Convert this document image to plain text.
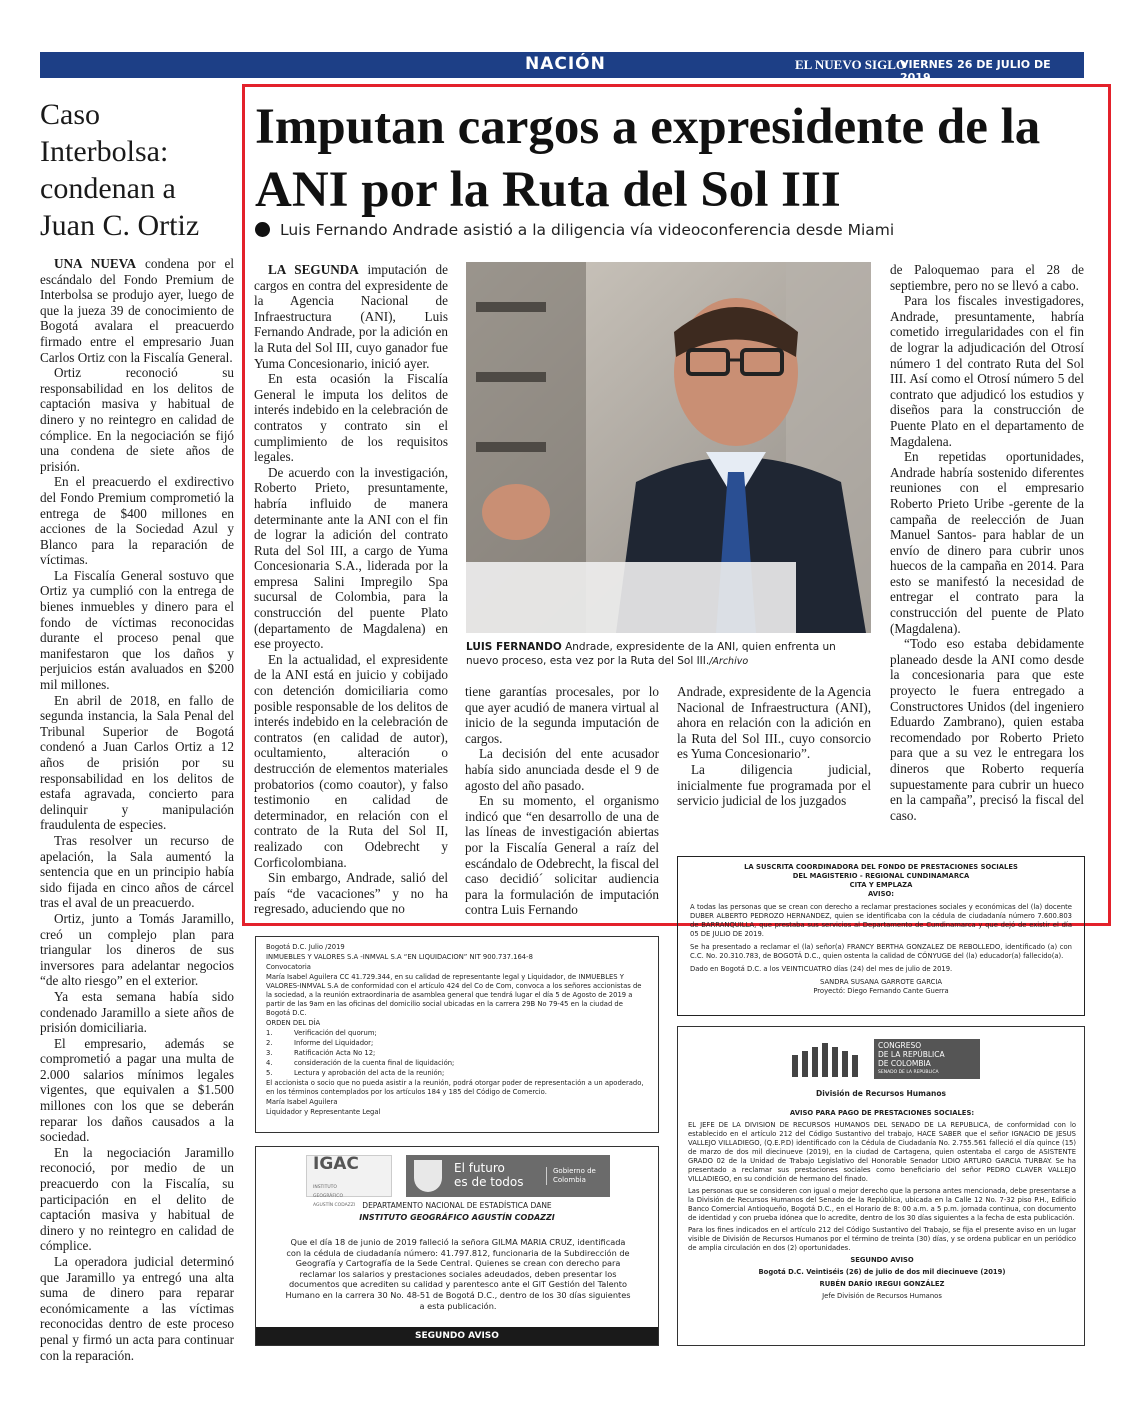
NACIÓN	EL NUEVO SIGLO
VIERNES 26 DE JULIO DE 2019
9B
Caso Interbolsa: condenan a Juan C. Ortiz

UNA NUEVA condena por el escándalo del Fondo Premium de Interbolsa se produjo ayer, luego de que la jueza 39 de conocimiento de Bogotá avalara el preacuerdo firmado entre el empresario Juan Carlos Ortiz con la Fiscalía General.

Ortiz reconoció su responsabilidad en los delitos de captación masiva y habitual de dinero y no reintegro en calidad de cómplice. En la negociación se fijó una condena de siete años de prisión.

En el preacuerdo el exdirectivo del Fondo Premium comprometió la entrega de $400 millones en acciones de la Sociedad Azul y Blanco para la reparación de víctimas.

La Fiscalía General sostuvo que Ortiz ya cumplió con la entrega de bienes inmuebles y dinero para el fondo de víctimas reconocidas durante el proceso penal que manifestaron que los daños y perjuicios están avaluados en $200 mil millones.

En abril de 2018, en fallo de segunda instancia, la Sala Penal del Tribunal Superior de Bogotá condenó a Juan Carlos Ortiz a 12 años de prisión por su responsabilidad en los delitos de estafa agravada, concierto para delinquir y manipulación fraudulenta de especies.

Tras resolver un recurso de apelación, la Sala aumentó la sentencia que en un principio había sido fijada en cinco años de cárcel tras el aval de un preacuerdo.

Ortiz, junto a Tomás Jaramillo, creó un complejo plan para triangular los dineros de sus inversores para adelantar negocios “de alto riesgo” en el exterior.

Ya esta semana había sido condenado Jaramillo a siete años de prisión domiciliaria.

El empresario, además se comprometió a pagar una multa de 2.000 salarios mínimos legales vigentes, que equivalen a $1.500 millones con los que se deberán reparar los daños causados a la sociedad.

En la negociación Jaramillo reconoció, por medio de un preacuerdo con la Fiscalía, su participación en el delito de captación masiva y habitual de dinero y no reintegro en calidad de cómplice.

La operadora judicial determinó que Jaramillo ya entregó una alta suma de dinero para reparar económicamente a las víctimas reconocidas dentro de este proceso penal y firmó un acta para continuar con la reparación.

Imputan cargos a expresidente de la ANI por la Ruta del Sol III
Luis Fernando Andrade asistió a la diligencia vía videoconferencia desde Miami

LA SEGUNDA imputación de cargos en contra del expresidente de la Agencia Nacional de Infraestructura (ANI), Luis Fernando Andrade, por la adición en la Ruta del Sol III, cuyo ganador fue Yuma Concesionario, inició ayer.

En esta ocasión la Fiscalía General le imputa los delitos de interés indebido en la celebración de contratos y contrato sin el cumplimiento de los requisitos legales.

De acuerdo con la investigación, Roberto Prieto, presuntamente, habría influido de manera determinante ante la ANI con el fin de lograr la adición del contrato Ruta del Sol III, a cargo de Yuma Concesionaria S.A., liderada por la empresa Salini Impregilo Spa sucursal de Colombia, para la construcción del puente Plato (departamento de Magdalena) en ese proyecto.

En la actualidad, el expresidente de la ANI está en juicio y cobijado con detención domiciliaria como posible responsable de los delitos de interés indebido en la celebración de contratos (en calidad de autor), ocultamiento, alteración o destrucción de elementos materiales probatorios (como coautor), y falso testimonio en calidad de determinador, en relación con el contrato de la Ruta del Sol II, realizado con Odebrecht y Corficolombiana.

Sin embargo, Andrade, salió del país “de vacaciones” y no ha regresado, aduciendo que no

LUIS FERNANDO Andrade, expresidente de la ANI, quien enfrenta un nuevo proceso, esta vez por la Ruta del Sol III./Archivo

tiene garantías procesales, por lo que ayer acudió de manera virtual al inicio de la segunda imputación de cargos.

La decisión del ente acusador había sido anunciada desde el 9 de agosto del año pasado.

En su momento, el organismo indicó que “en desarrollo de una de las líneas de investigación abiertas por la Fiscalía General a raíz del escándalo de Odebrecht, la fiscal del caso decidió´ solicitar audiencia para la formulación de imputación contra Luis Fernando

Andrade, expresidente de la Agencia Nacional de Infraestructura (ANI), ahora en relación con la adición en la Ruta del Sol III., cuyo consorcio es Yuma Concesionario”.

La diligencia judicial, inicialmente fue programada por el servicio judicial de los juzgados

de Paloquemao para el 28 de septiembre, pero no se llevó a cabo.

Para los fiscales investigadores, Andrade, presuntamente, habría cometido irregularidades con el fin de lograr la adjudicación del Otrosí número 1 del contrato Ruta del Sol III. Así como el Otrosí número 5 del contrato que adjudicó los estudios y diseños para la construcción de Puente Plato en el departamento de Magdalena.

En repetidas oportunidades, Andrade habría sostenido diferentes reuniones con el empresario Roberto Prieto Uribe -gerente de la campaña de reelección de Juan Manuel Santos- para hablar de un envío de dinero para cubrir unos huecos de la campaña en 2014. Para esto se manifestó la necesidad de entregar el contrato para la construcción del puente de Plato (Magdalena).

“Todo eso estaba debidamente planeado desde la ANI como desde la concesionaria para que este proyecto le fuera entregado a Constructores Unidos (del ingeniero Eduardo Zambrano), quien estaba recomendado por Roberto Prieto para que a su vez le entregara los dineros que Roberto requería supuestamente para cubrir un hueco en la campaña”, precisó la fiscal del caso.

LA SUSCRITA COORDINADORA DEL FONDO DE PRESTACIONES SOCIALES
DEL MAGISTERIO - REGIONAL CUNDINAMARCA
CITA Y EMPLAZA
AVISO:
A todas las personas que se crean con derecho a reclamar prestaciones sociales y económicas del (la) docente DUBER ALBERTO PEDROZO HERNANDEZ, quien se identificaba con la cédula de ciudadanía número 7.600.803 de BARRANQUILLA, que prestaba sus servicios al Departamento de Cundinamarca y que dejó de existir el día 05 DE JULIO DE 2019.
Se ha presentado a reclamar el (la) señor(a) FRANCY BERTHA GONZALEZ DE REBOLLEDO, identificado (a) con C.C. No. 20.310.783, de BOGOTÁ D.C., quien ostenta la calidad de CÓNYUGE del (la) educador(a) fallecido(a).
Dado en Bogotá D.C. a los VEINTICUATRO días (24) del mes de julio de 2019.
SANDRA SUSANA GARROTE GARCIA
Proyectó: Diego Fernando Cante Guerra
Bogotá D.C. Julio /2019
INMUEBLES Y VALORES S.A -INMVAL S.A “EN LIQUIDACION” NIT 900.737.164-8
Convocatoria
María Isabel Aguilera CC 41.729.344, en su calidad de representante legal y Liquidador, de INMUEBLES Y VALORES-INMVAL S.A de conformidad con el artículo 424 del Co de Com, convoca a los señores accionistas de la sociedad, a la reunión extraordinaria de asamblea general que tendrá lugar el día 5 de Agosto de 2019 a partir de las 9am en las oficinas del domicilio social ubicadas en la carrera 29B No 79-45 en la ciudad de Bogotá D.C.
ORDEN DEL DÍA
1.	Verificación del quorum;
2.	Informe del Liquidador;
3.	Ratificación Acta No 12;
4.	consideración de la cuenta final de liquidación;
5.	Lectura y aprobación del acta de la reunión;
El accionista o socio que no pueda asistir a la reunión, podrá otorgar poder de representación a un apoderado, en los términos contemplados por los artículos 184 y 185 del Código de Comercio.
María Isabel Aguilera
Liquidador y Representante Legal
IGAC
INSTITUTO GEOGRÁFICO AGUSTÍN CODAZZI
El futuro
es de todos
Gobierno de Colombia
DEPARTAMENTO NACIONAL DE ESTADÍSTICA DANE
INSTITUTO GEOGRÁFICO AGUSTÍN CODAZZI
Que el día 18 de junio de 2019 falleció la señora GILMA MARIA CRUZ, identificada con la cédula de ciudadanía número: 41.797.812, funcionaria de la Subdirección de Geografía y Cartografía de la Sede Central. Quienes se crean con derecho para reclamar los salarios y prestaciones sociales adeudados, deben presentar los documentos que acrediten su calidad y parentesco ante el GIT Gestión del Talento Humano en la carrera 30 No. 48-51 de Bogotá D.C., dentro de los 30 días siguientes a esta publicación.
SEGUNDO AVISO
CONGRESO
DE LA REPÚBLICA
DE COLOMBIA
SENADO DE LA REPÚBLICA
División de Recursos Humanos
AVISO PARA PAGO DE PRESTACIONES SOCIALES:
EL JEFE DE LA DIVISION DE RECURSOS HUMANOS DEL SENADO DE LA REPUBLICA, de conformidad con lo establecido en el artículo 212 del Código Sustantivo del trabajo, HACE SABER que el señor IGNACIO DE JESUS VALLEJO VILLADIEGO, (Q.E.P.D) identificado con la Cédula de Ciudadanía No. 2.755.561 falleció el día quince (15) de marzo de dos mil diecinueve (2019), en la ciudad de Cartagena, quien ostentaba el cargo de ASISTENTE GRADO 02 de la Unidad de Trabajo Legislativo del Honorable Senador LIDIO ARTURO GARCIA TURBAY. Se ha presentado a reclamar sus prestaciones sociales como beneficiario del señor PEDRO CLAVER VALLEJO VILLADIEGO, en su condición de hermano del finado.
Las personas que se consideren con igual o mejor derecho que la persona antes mencionada, debe presentarse a la División de Recursos Humanos del Senado de la República, ubicada en la Calle 12 No. 7-32 piso P.H., Edificio Banco Comercial Antioqueño, Bogotá D.C., en el Horario de 8: 00 a.m. a 5 p.m. jornada continua, con documento de identidad y con prueba idónea que lo acredite, dentro de los 30 días siguientes a la fecha de esta publicación.
Para los fines indicados en el artículo 212 del Código Sustantivo del Trabajo, se fija el presente aviso en un lugar visible de División de Recursos Humanos por el término de treinta (30) días, y se ordena publicar en un periódico de amplia circulación en dos (2) oportunidades.
SEGUNDO AVISO
Bogotá D.C. Veintiséis (26) de julio de dos mil diecinueve (2019)
RUBÉN DARÍO IREGUI GONZÁLEZ
Jefe División de Recursos Humanos
